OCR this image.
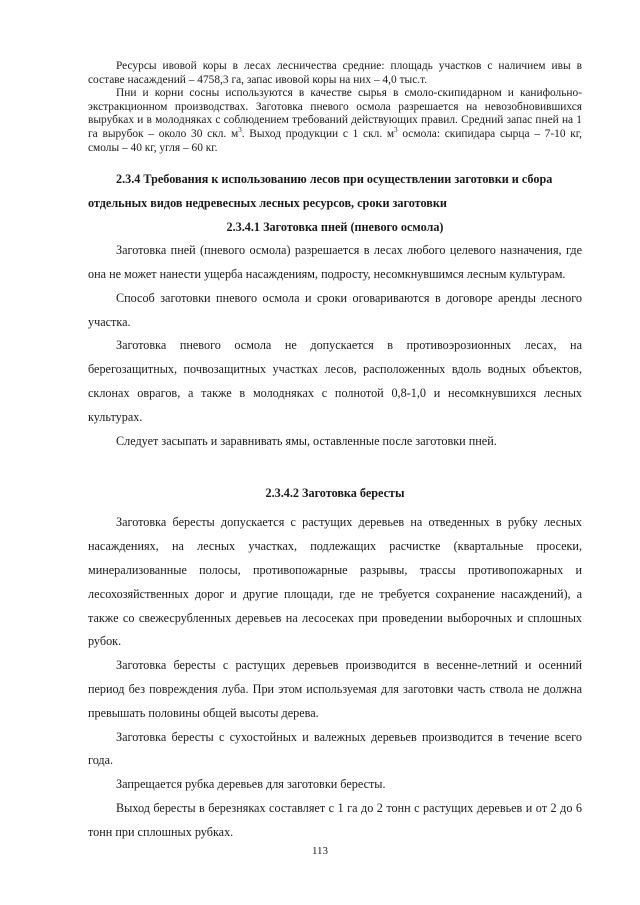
Ресурсы ивовой коры в лесах лесничества средние: площадь участков с наличием ивы в составе насаждений – 4758,3 га, запас ивовой коры на них – 4,0 тыс.т.

Пни и корни сосны используются в качестве сырья в смоло-скипидарном и канифольно-экстракционном производствах. Заготовка пневого осмола разрешается на невозобновившихся вырубках и в молодняках с соблюдением требований действующих правил. Средний запас пней на 1 га вырубок – около 30 скл. $м^3$. Выход продукции с 1 скл. $м^3$ осмола: скипидара сырца – 7-10 кг, смолы – 40 кг, угля – 60 кг.

2.3.4 Требования к использованию лесов при осуществлении заготовки и сбора отдельных видов недревесных лесных ресурсов, сроки заготовки

2.3.4.1 Заготовка пней (пневого осмола)

Заготовка пней (пневого осмола) разрешается в лесах любого целевого назначения, где она не может нанести ущерба насаждениям, подросту, несомкнувшимся лесным культурам.

Способ заготовки пневого осмола и сроки оговариваются в договоре аренды лесного участка.

Заготовка пневого осмола не допускается в противоэрозионных лесах, на берегозащитных, почвозащитных участках лесов, расположенных вдоль водных объектов, склонах оврагов, а также в молодняках с полнотой 0,8-1,0 и несомкнувшихся лесных культурах.

Следует засыпать и заравнивать ямы, оставленные после заготовки пней.

2.3.4.2 Заготовка бересты

Заготовка бересты допускается с растущих деревьев на отведенных в рубку лесных насаждениях, на лесных участках, подлежащих расчистке (квартальные просеки, минерализованные полосы, противопожарные разрывы, трассы противопожарных и лесохозяйственных дорог и другие площади, где не требуется сохранение насаждений), а также со свежесрубленных деревьев на лесосеках при проведении выборочных и сплошных рубок.

Заготовка бересты с растущих деревьев производится в весенне-летний и осенний период без повреждения луба. При этом используемая для заготовки часть ствола не должна превышать половины общей высоты дерева.

Заготовка бересты с сухостойных и валежных деревьев производится в течение всего года.

Запрещается рубка деревьев для заготовки бересты.

Выход бересты в березняках составляет с 1 га до 2 тонн с растущих деревьев и от 2 до 6 тонн при сплошных рубках.

113
